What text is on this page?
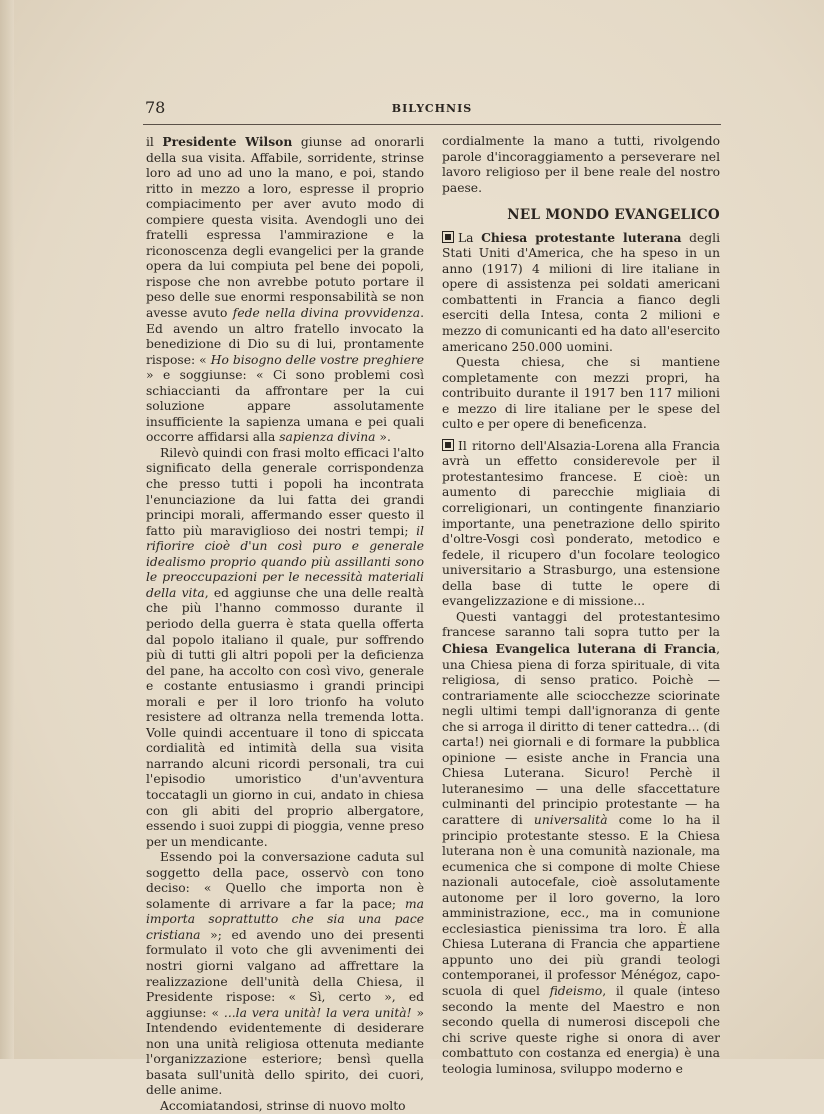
78	BILYCHNIS

il Presidente Wilson giunse ad onorarli della sua visita. Affabile, sorridente, strinse loro ad uno ad uno la mano, e poi, stando ritto in mezzo a loro, espresse il proprio compiacimento per aver avuto modo di compiere questa visita. Avendogli uno dei fratelli espressa l'ammirazione e la riconoscenza degli evangelici per la grande opera da lui compiuta pel bene dei popoli, rispose che non avrebbe potuto portare il peso delle sue enormi responsabilità se non avesse avuto fede nella divina provvidenza. Ed avendo un altro fratello invocato la benedizione di Dio su di lui, prontamente rispose: « Ho bisogno delle vostre preghiere » e soggiunse: « Ci sono problemi così schiaccianti da affrontare per la cui soluzione appare assolutamente insufficiente la sapienza umana e pei quali occorre affidarsi alla sapienza divina ».

Rilevò quindi con frasi molto efficaci l'alto significato della generale corrispondenza che presso tutti i popoli ha incontrata l'enunciazione da lui fatta dei grandi principi morali, affermando esser questo il fatto più maraviglioso dei nostri tempi; il rifiorire cioè d'un così puro e generale idealismo proprio quando più assillanti sono le preoccupazioni per le necessità materiali della vita, ed aggiunse che una delle realtà che più l'hanno commosso durante il periodo della guerra è stata quella offerta dal popolo italiano il quale, pur soffrendo più di tutti gli altri popoli per la deficienza del pane, ha accolto con così vivo, generale e costante entusiasmo i grandi principi morali e per il loro trionfo ha voluto resistere ad oltranza nella tremenda lotta. Volle quindi accentuare il tono di spiccata cordialità ed intimità della sua visita narrando alcuni ricordi personali, tra cui l'episodio umoristico d'un'avventura toccatagli un giorno in cui, andato in chiesa con gli abiti del proprio albergatore, essendo i suoi zuppi di pioggia, venne preso per un mendicante.

Essendo poi la conversazione caduta sul soggetto della pace, osservò con tono deciso: « Quello che importa non è solamente di arrivare a far la pace; ma importa soprattutto che sia una pace cristiana »; ed avendo uno dei presenti formulato il voto che gli avvenimenti dei nostri giorni valgano ad affrettare la realizzazione dell'unità della Chiesa, il Presidente rispose: « Sì, certo », ed aggiunse: « ...la vera unità! la vera unità! » Intendendo evidentemente di desiderare non una unità religiosa ottenuta mediante l'organizzazione esteriore; bensì quella basata sull'unità dello spirito, dei cuori, delle anime.

Accomiatandosi, strinse di nuovo molto

cordialmente la mano a tutti, rivolgendo parole d'incoraggiamento a perseverare nel lavoro religioso per il bene reale del nostro paese.

NEL MONDO EVANGELICO

La Chiesa protestante luterana degli Stati Uniti d'America, che ha speso in un anno (1917) 4 milioni di lire italiane in opere di assistenza pei soldati americani combattenti in Francia a fianco degli eserciti della Intesa, conta 2 milioni e mezzo di comunicanti ed ha dato all'esercito americano 250.000 uomini.

Questa chiesa, che si mantiene completamente con mezzi propri, ha contribuito durante il 1917 ben 117 milioni e mezzo di lire italiane per le spese del culto e per opere di beneficenza.

Il ritorno dell'Alsazia-Lorena alla Francia avrà un effetto considerevole per il protestantesimo francese. E cioè: un aumento di parecchie migliaia di correligionari, un contingente finanziario importante, una penetrazione dello spirito d'oltre-Vosgi così ponderato, metodico e fedele, il ricupero d'un focolare teologico universitario a Strasburgo, una estensione della base di tutte le opere di evangelizzazione e di missione...

Questi vantaggi del protestantesimo francese saranno tali sopra tutto per la Chiesa Evangelica luterana di Francia, una Chiesa piena di forza spirituale, di vita religiosa, di senso pratico. Poichè — contrariamente alle sciocchezze sciorinate negli ultimi tempi dall'ignoranza di gente che si arroga il diritto di tener cattedra... (di carta!) nei giornali e di formare la pubblica opinione — esiste anche in Francia una Chiesa Luterana. Sicuro! Perchè il luteranesimo — una delle sfaccettature culminanti del principio protestante — ha carattere di universalità come lo ha il principio protestante stesso. E la Chiesa luterana non è una comunità nazionale, ma ecumenica che si compone di molte Chiese nazionali autocefale, cioè assolutamente autonome per il loro governo, la loro amministrazione, ecc., ma in comunione ecclesiastica pienissima tra loro. È alla Chiesa Luterana di Francia che appartiene appunto uno dei più grandi teologi contemporanei, il professor Ménégoz, capo-scuola di quel fideismo, il quale (inteso secondo la mente del Maestro e non secondo quella di numerosi discepoli che chi scrive queste righe si onora di aver combattuto con costanza ed energia) è una teologia luminosa, sviluppo moderno e
